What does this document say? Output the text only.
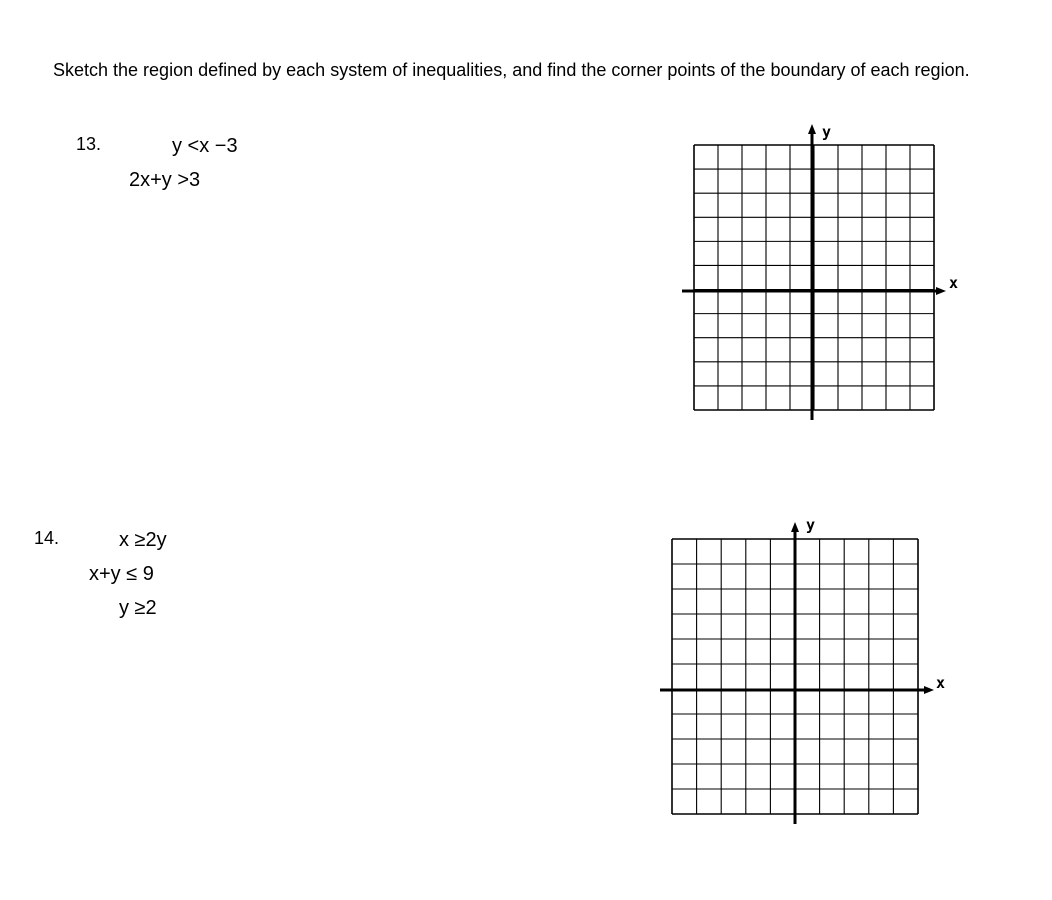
Sketch the region defined by each system of inequalities, and find the corner points of the boundary of each region.
13.	y <x −3
2x+y >3
x
y
14.	x ≥2y
x+y ≤ 9
y ≥2
x
y
